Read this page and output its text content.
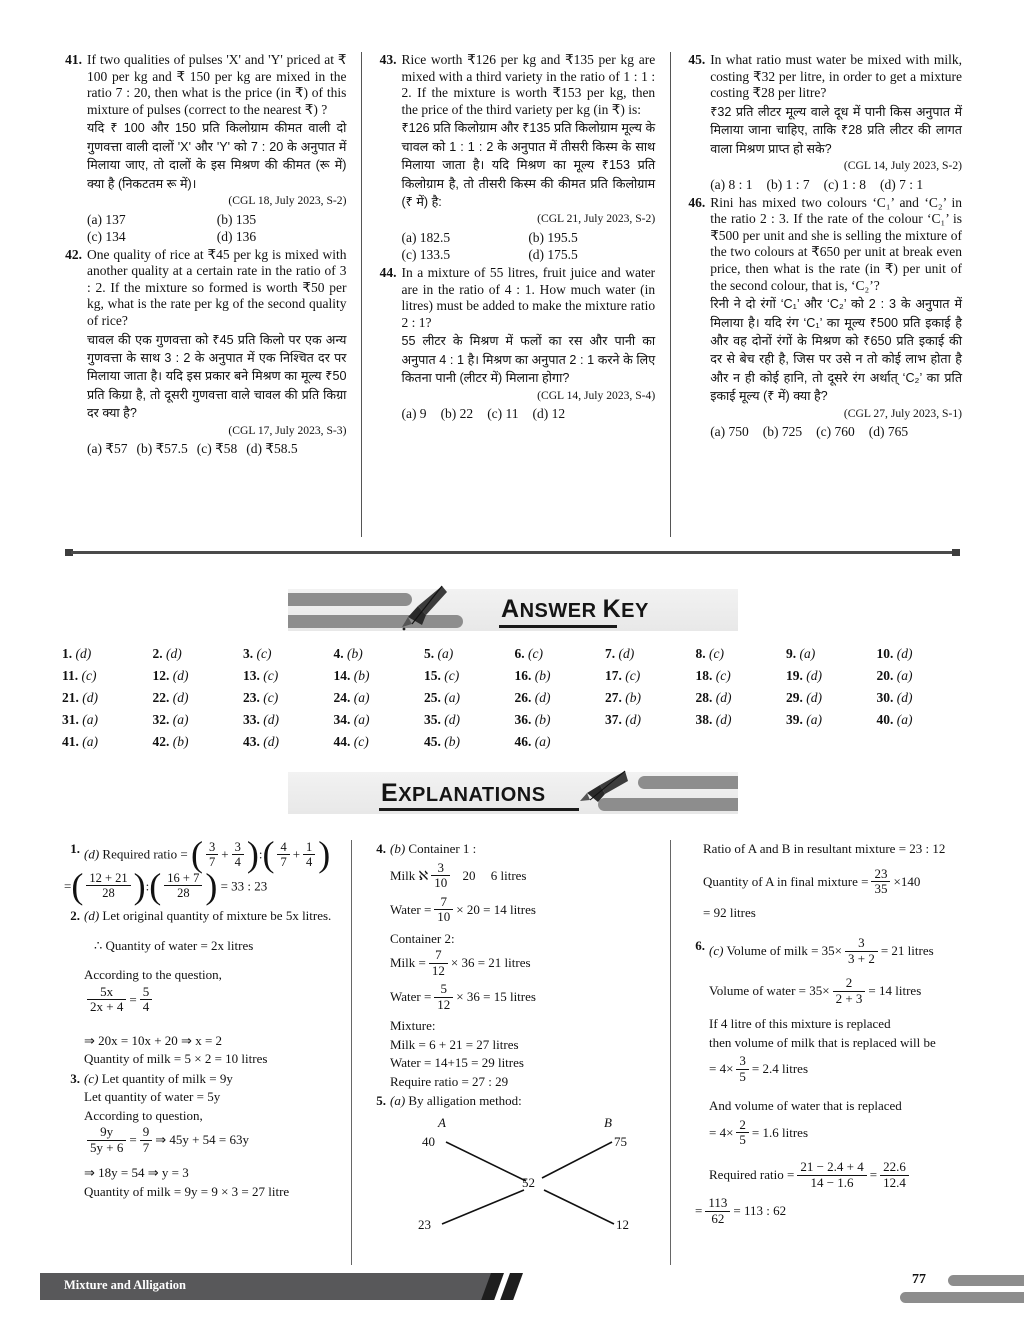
41. If two qualities of pulses 'X' and 'Y' priced at ₹ 100 per kg and ₹ 150 per kg are mixed in the ratio 7 : 20, then what is the price (in ₹) of this mixture of pulses (correct to the nearest ₹) ?
यदि ₹ 100 और 150 प्रति किलोग्राम कीमत वाली दो गुणवत्ता वाली दालों 'X' और 'Y' को 7 : 20 के अनुपात में मिलाया जाए, तो दालों के इस मिश्रण की कीमत (रू में) क्या है (निकटतम रू में)।
(CGL 18, July 2023, S-2)
(a) 137	(b) 135
(c) 134	(d) 136
42. One quality of rice at ₹45 per kg is mixed with another quality at a certain rate in the ratio of 3 : 2. If the mixture so formed is worth ₹50 per kg, what is the rate per kg of the second quality of rice?
चावल की एक गुणवत्ता को ₹45 प्रति किलो पर एक अन्य गुणवत्ता के साथ 3 : 2 के अनुपात में एक निश्चित दर पर मिलाया जाता है। यदि इस प्रकार बने मिश्रण का मूल्य ₹50 प्रति किग्रा है, तो दूसरी गुणवत्ता वाले चावल की प्रति किग्रा दर क्या है?
(CGL 17, July 2023, S-3)
(a) ₹57 (b) ₹57.5 (c) ₹58 (d) ₹58.5
43. Rice worth ₹126 per kg and ₹135 per kg are mixed with a third variety in the ratio of 1 : 1 : 2. If the mixture is worth ₹153 per kg, then the price of the third variety per kg (in ₹) is:
₹126 प्रति किलोग्राम और ₹135 प्रति किलोग्राम मूल्य के चावल को 1 : 1 : 2 के अनुपात में तीसरी किस्म के साथ मिलाया जाता है। यदि मिश्रण का मूल्य ₹153 प्रति किलोग्राम है, तो तीसरी किस्म की कीमत प्रति किलोग्राम (₹ में) है:
(CGL 21, July 2023, S-2)
(a) 182.5	(b) 195.5
(c) 133.5	(d) 175.5
44. In a mixture of 55 litres, fruit juice and water are in the ratio of 4 : 1. How much water (in litres) must be added to make the mixture ratio 2 : 1?
55 लीटर के मिश्रण में फलों का रस और पानी का अनुपात 4 : 1 है। मिश्रण का अनुपात 2 : 1 करने के लिए कितना पानी (लीटर में) मिलाना होगा?
(CGL 14, July 2023, S-4)
(a) 9 (b) 22 (c) 11 (d) 12
45. In what ratio must water be mixed with milk, costing ₹32 per litre, in order to get a mixture costing ₹28 per litre?
₹32 प्रति लीटर मूल्य वाले दूध में पानी किस अनुपात में मिलाया जाना चाहिए, ताकि ₹28 प्रति लीटर की लागत वाला मिश्रण प्राप्त हो सके?
(CGL 14, July 2023, S-2)
(a) 8 : 1 (b) 1 : 7 (c) 1 : 8 (d) 7 : 1
46. Rini has mixed two colours ‘C₁’ and ‘C₂’ in the ratio 2 : 3. If the rate of the colour ‘C₁’ is ₹500 per unit and she is selling the mixture of the two colours at ₹650 per unit at break even price, then what is the rate (in ₹) per unit of the second colour, that is, ‘C₂’?
रिनी ने दो रंगों ‘C₁’ और ‘C₂’ को 2 : 3 के अनुपात में मिलाया है। यदि रंग ‘C₁’ का मूल्य ₹500 प्रति इकाई है और वह दोनों रंगों के मिश्रण को ₹650 प्रति इकाई की दर से बेच रही है, जिस पर उसे न तो कोई लाभ होता है और न ही कोई हानि, तो दूसरे रंग अर्थात् ‘C₂’ का प्रति इकाई मूल्य (₹ में) क्या है?
(CGL 27, July 2023, S-1)
(a) 750 (b) 725 (c) 760 (d) 765
ANSWER KEY
1. (d)	2. (d)	3. (c)	4. (b)	5. (a)	6. (c)	7. (d)	8. (c)	9. (a)	10. (d)
11. (c)	12. (d)	13. (c)	14. (b)	15. (c)	16. (b)	17. (c)	18. (c)	19. (d)	20. (a)
21. (d)	22. (d)	23. (c)	24. (a)	25. (a)	26. (d)	27. (b)	28. (d)	29. (d)	30. (d)
31. (a)	32. (a)	33. (d)	34. (a)	35. (d)	36. (b)	37. (d)	38. (d)	39. (a)	40. (a)
41. (a)	42. (b)	43. (d)	44. (c)	45. (b)	46. (a)
EXPLANATIONS
1. (d) Required ratio = ( $\frac{3}{7} + \frac{3}{4}$ ):( $\frac{4}{7} + \frac{1}{4}$ )
=( $\frac{12 + 21}{28}$ ):( $\frac{16 + 7}{28}$ ) = 33 : 23
2. (d) Let original quantity of mixture be 5x litres.
∴ Quantity of water = 2x litres
According to the question,
$\frac{5x}{2x + 4} = \frac{5}{4}$
⇒ 20x = 10x + 20 ⇒ x = 2
Quantity of milk = 5 × 2 = 10 litres
3. (c) Let quantity of milk = 9y
Let quantity of water = 5y
According to question,
$\frac{9y}{5y + 6} = \frac{9}{7}$ ⇒ 45y + 54 = 63y
⇒ 18y = 54 ⇒ y = 3
Quantity of milk = 9y = 9 × 3 = 27 litre
4. (b) Container 1 :
Milk ℵ $\frac{3}{10} 20$ 6 litres
Water = $\frac{7}{10} \times 20 = 14$ litres
Container 2:
Milk = $\frac{7}{12} \times 36 = 21$ litres
Water = $\frac{5}{12} \times 36 = 15$ litres
Mixture:
Milk = 6 + 21 = 27 litres
Water = 14+15 = 29 litres
Require ratio = 27 : 29
5. (a) By alligation method:
A	B
40	75
52
23	12
Ratio of A and B in resultant mixture = 23 : 12
Quantity of A in final mixture = $\frac{23}{35} \times 140$
= 92 litres
6. (c) Volume of milk = $35\times \frac{3}{3 + 2} = 21$ litres
Volume of water = $35\times \frac{2}{2 + 3} = 14$ litres
If 4 litre of this mixture is replaced
then volume of milk that is replaced will be
= $4\times \frac{3}{5} = 2.4$ litres
And volume of water that is replaced
= $4\times \frac{2}{5} = 1.6$ litres
Required ratio = $\frac{21 - 2.4 + 4}{14 - 1.6} = \frac{22.6}{12.4}$
= $\frac{113}{62} = 113$ : 62
Mixture and Alligation	77
